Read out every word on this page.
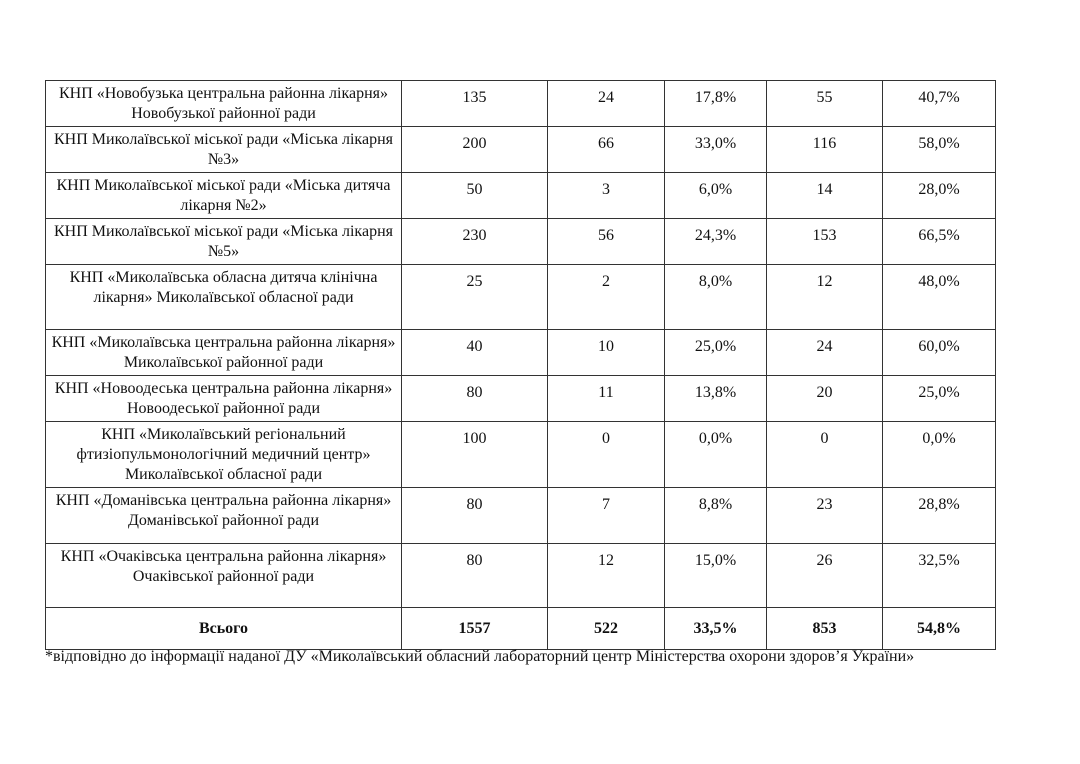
КНП «Новобузька центральна районна лікарня» Новобузької районної ради	135	24	17,8%	55	40,7%
КНП Миколаївської міської ради «Міська лікарня №3»	200	66	33,0%	116	58,0%
КНП Миколаївської міської ради «Міська дитяча лікарня №2»	50	3	6,0%	14	28,0%
КНП Миколаївської міської ради «Міська лікарня №5»	230	56	24,3%	153	66,5%
КНП «Миколаївська обласна дитяча клінічна лікарня» Миколаївської обласної ради	25	2	8,0%	12	48,0%
КНП «Миколаївська центральна районна лікарня» Миколаївської районної ради	40	10	25,0%	24	60,0%
КНП «Новоодеська центральна районна лікарня» Новоодеської районної ради	80	11	13,8%	20	25,0%
КНП «Миколаївський регіональний фтизіопульмонологічний медичний центр» Миколаївської обласної ради	100	0	0,0%	0	0,0%
КНП «Доманівська центральна районна лікарня» Доманівської районної ради	80	7	8,8%	23	28,8%
КНП «Очаківська центральна районна лікарня» Очаківської районної ради	80	12	15,0%	26	32,5%
Всього	1557	522	33,5%	853	54,8%
*відповідно до інформації наданої ДУ «Миколаївський обласний лабораторний центр Міністерства охорони здоров’я України»
